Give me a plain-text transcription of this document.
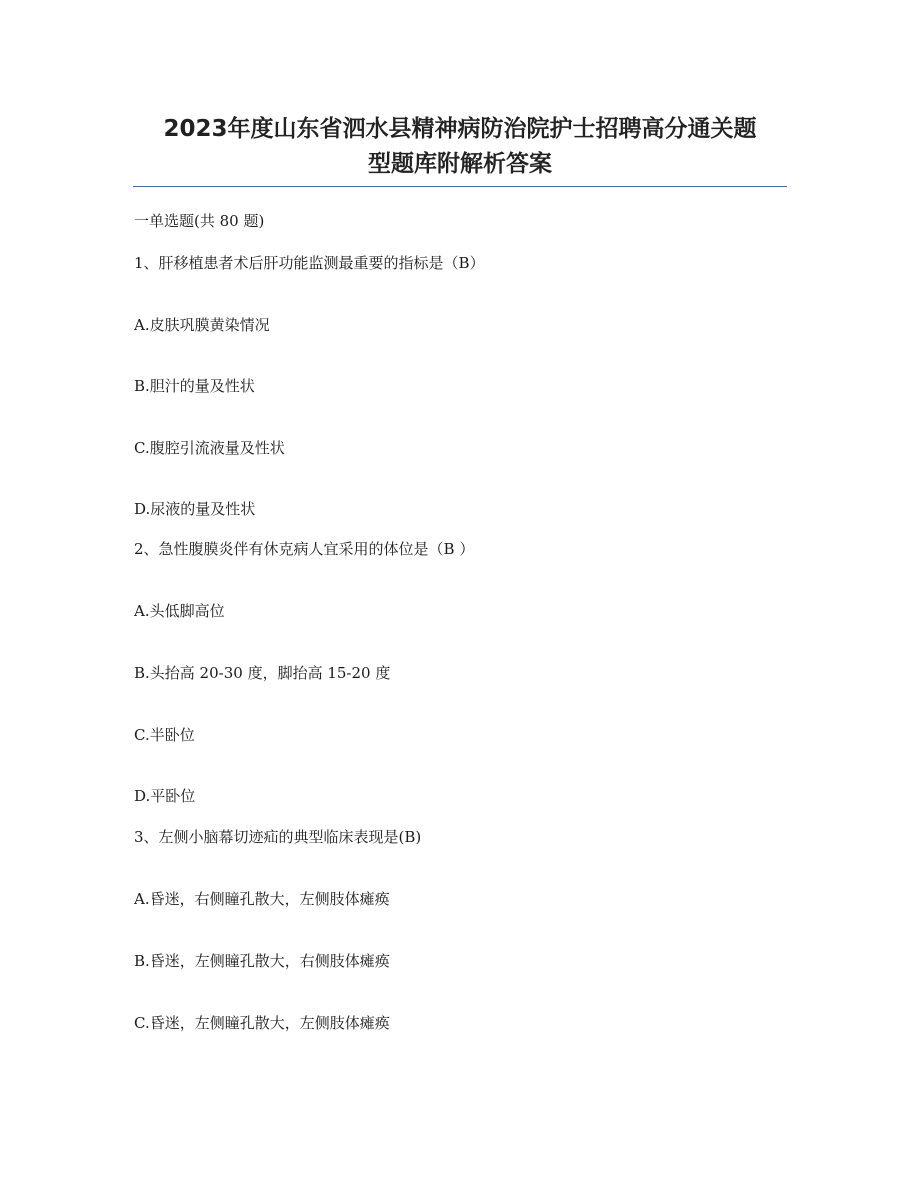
2023年度山东省泗水县精神病防治院护士招聘高分通关题
型题库附解析答案
一单选题(共 80 题)
1、肝移植患者术后肝功能监测最重要的指标是（B）
A.皮肤巩膜黄染情况
B.胆汁的量及性状
C.腹腔引流液量及性状
D.尿液的量及性状
2、急性腹膜炎伴有休克病人宜采用的体位是（B ）
A.头低脚高位
B.头抬高 20-30 度，脚抬高 15-20 度
C.半卧位
D.平卧位
3、左侧小脑幕切迹疝的典型临床表现是(B)
A.昏迷，右侧瞳孔散大，左侧肢体瘫痪
B.昏迷，左侧瞳孔散大，右侧肢体瘫痪
C.昏迷，左侧瞳孔散大，左侧肢体瘫痪
